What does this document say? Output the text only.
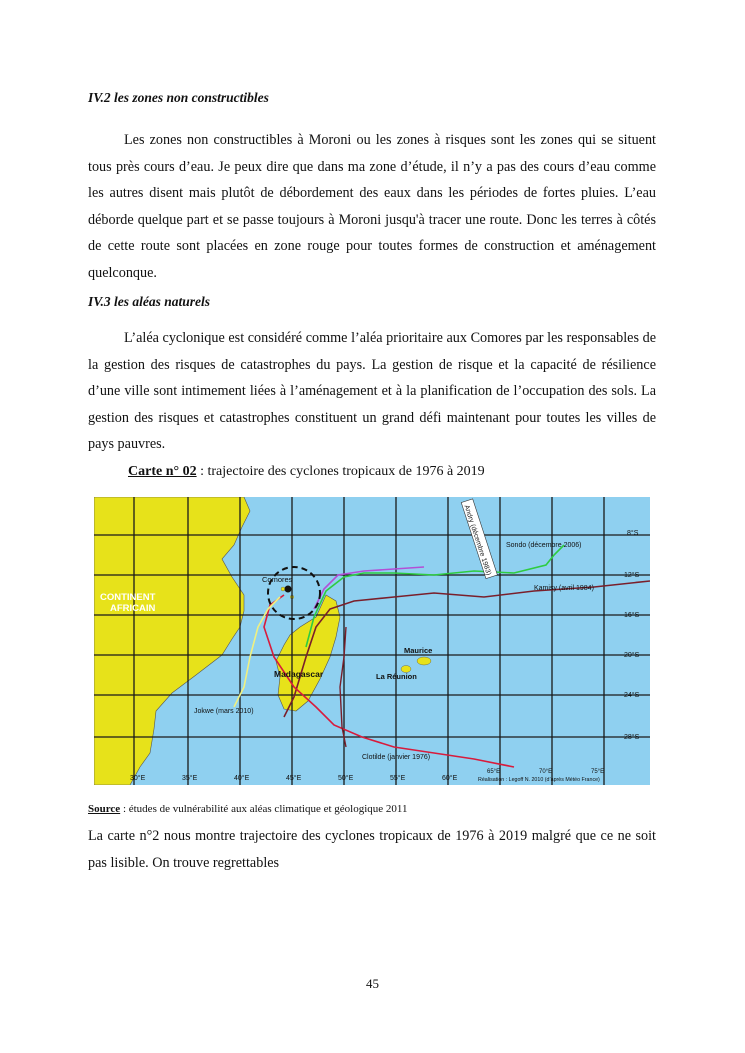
IV.2 les zones non constructibles

Les zones non constructibles à Moroni ou les zones à risques sont les zones qui se situent tous près cours d’eau. Je peux dire que dans ma zone d’étude, il n’y a pas des cours d’eau comme les autres disent mais plutôt de débordement des eaux dans les périodes de fortes pluies. L’eau déborde quelque part et se passe toujours à Moroni jusqu'à tracer une route. Donc les terres à côtés de cette route sont placées en zone rouge pour toutes formes de construction et aménagement quelconque.

IV.3 les aléas naturels

L’aléa cyclonique est considéré comme l’aléa prioritaire aux Comores par les responsables de la gestion des risques de catastrophes du pays. La gestion de risque et la capacité de résilience d’une ville sont intimement liées à l’aménagement et à la planification de l’occupation des sols. La gestion des risques et catastrophes constituent un grand défi maintenant pour toutes les villes de pays pauvres.

Carte n° 02 : trajectoire des cyclones tropicaux de 1976 à 2019
Andry (décembre 1983)
CONTINENT
AFRICAIN
Comores
Madagascar
Maurice
La Réunion
Sondo (décembre 2006)
Kamisy (avril 1984)
Jokwe (mars 2010)
Clotilde (janvier 1976)
8°S
12°S
16°S
20°S
24°S
28°S
30°E	35°E	40°E	45°E	50°E	55°E	60°E
65°E	70°E	75°E
Réalisation : Legoff N. 2010 (d’après Météo France)
Source : études de vulnérabilité aux aléas climatique et géologique 2011

La carte n°2 nous montre trajectoire des cyclones tropicaux de 1976 à 2019 malgré que ce ne soit pas lisible. On trouve regrettables

45
